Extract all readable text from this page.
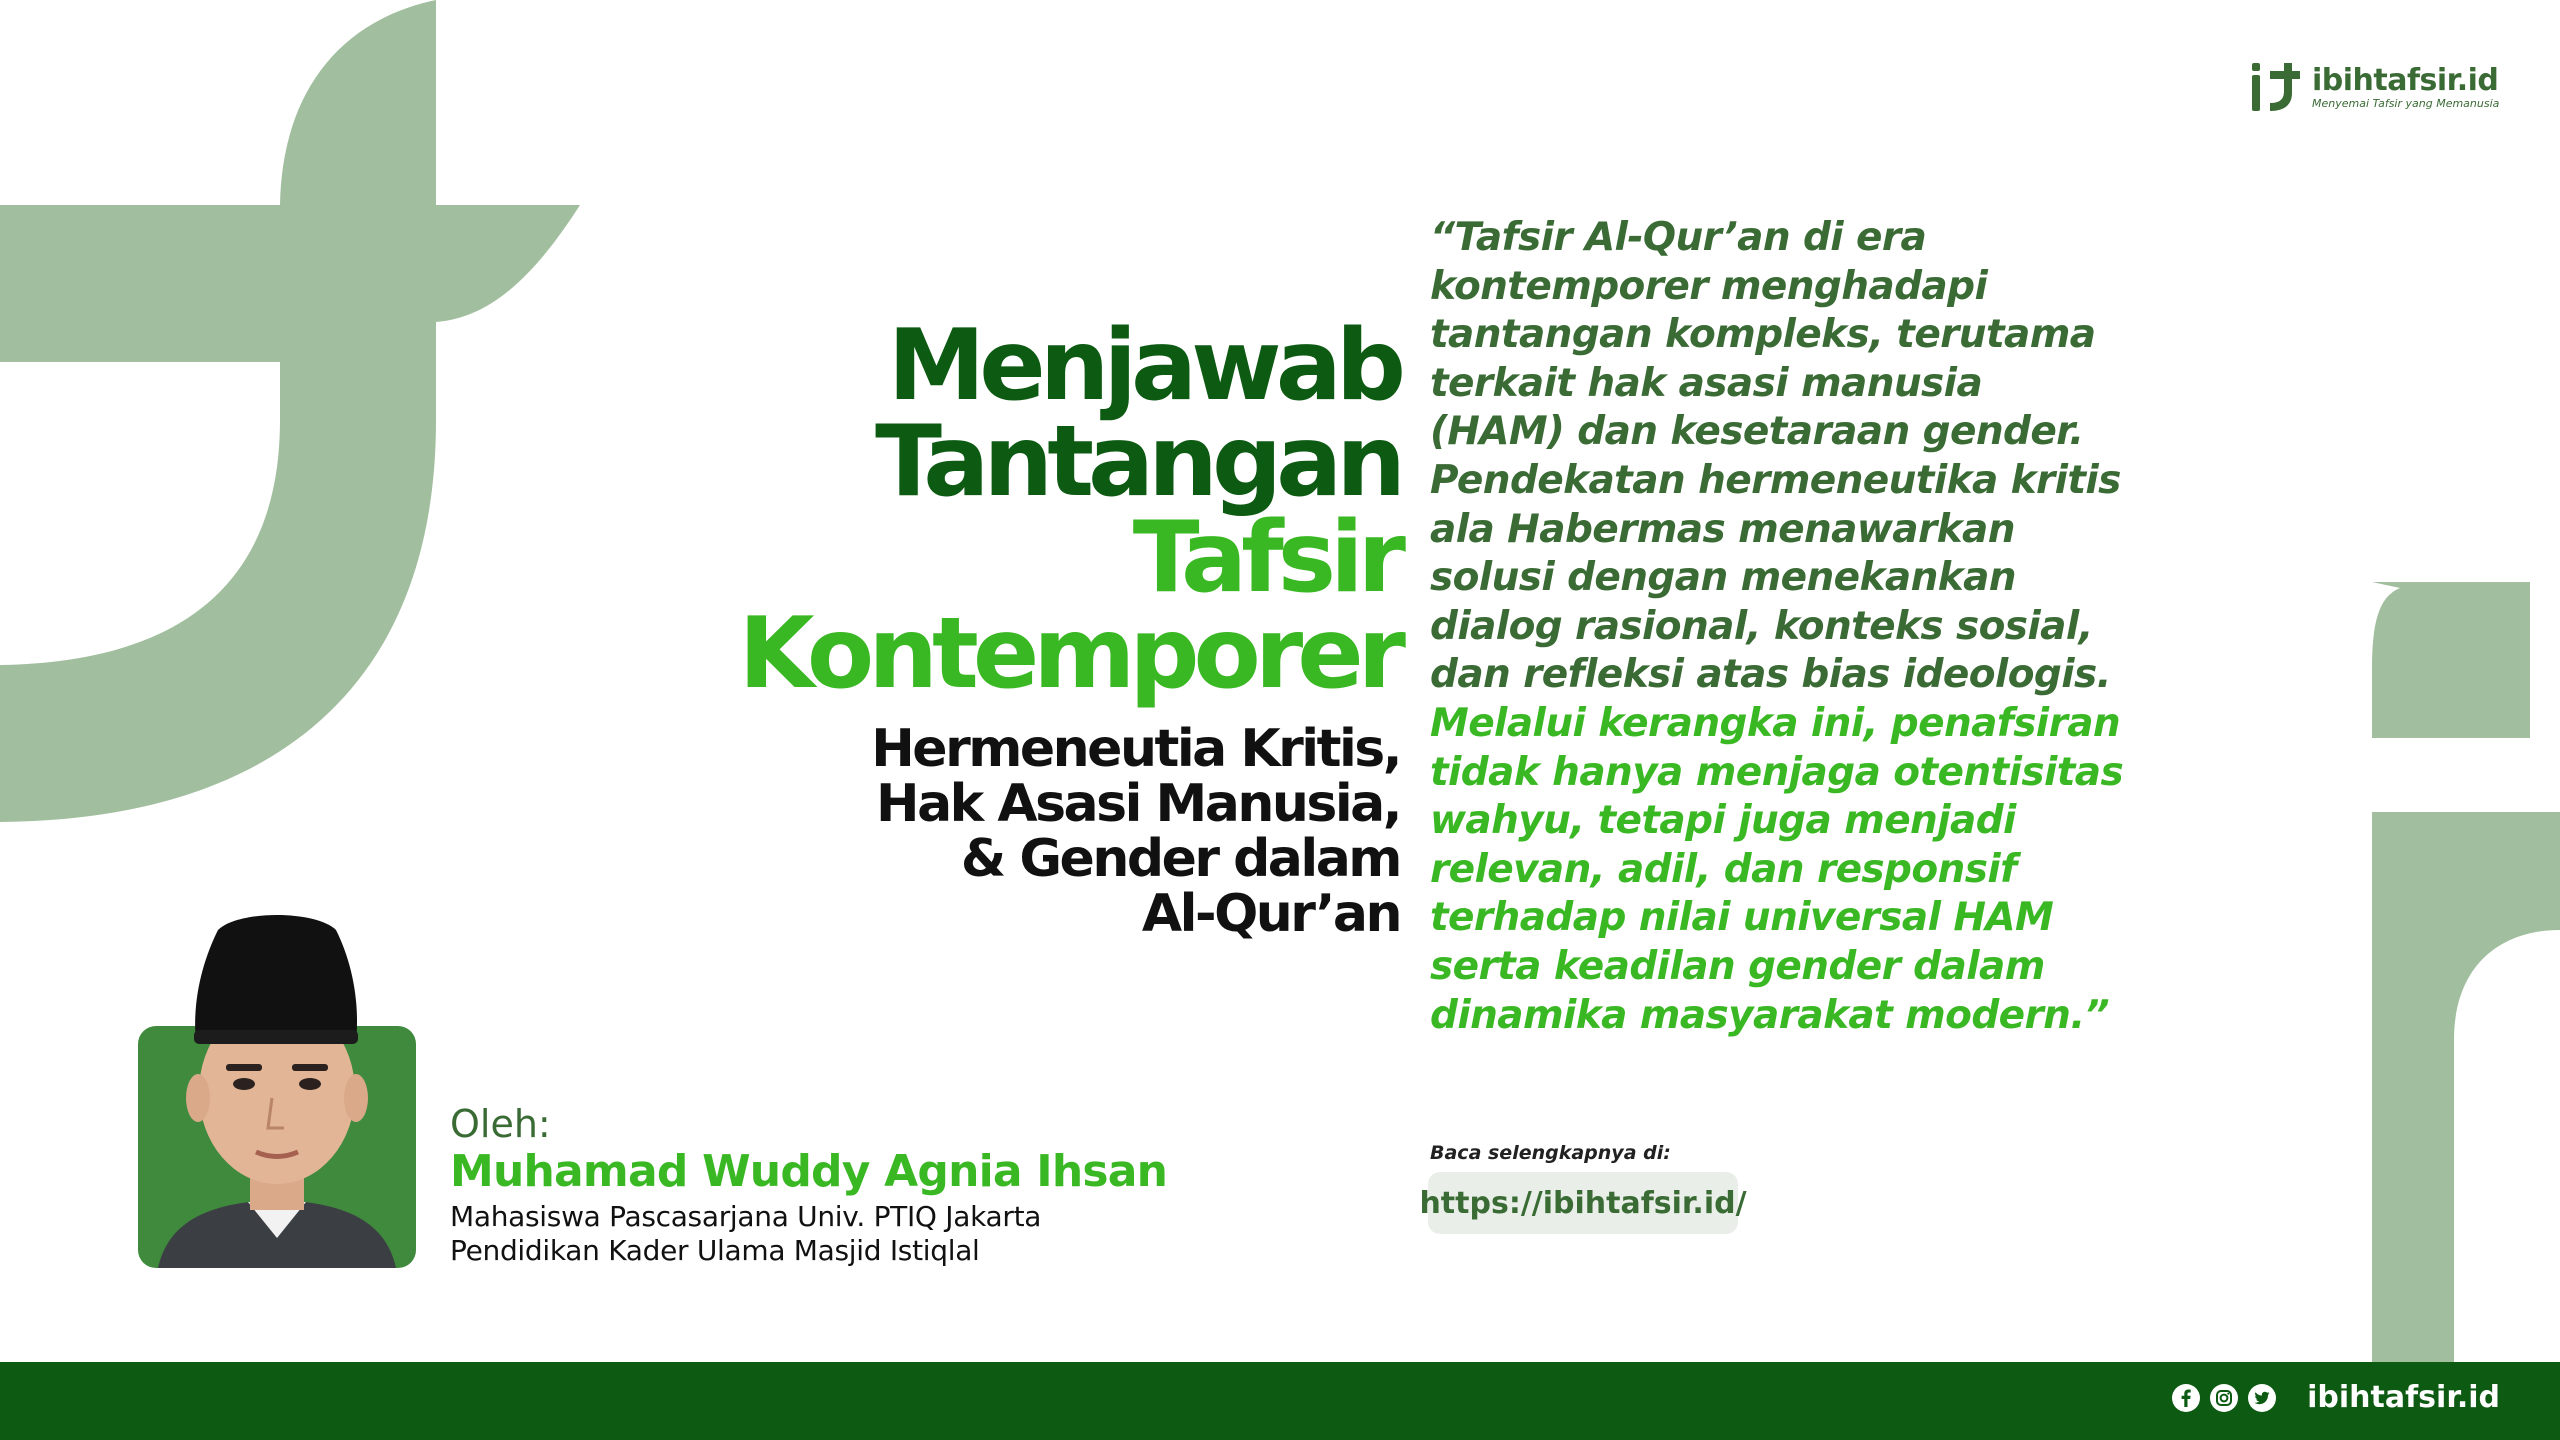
ibihtafsir.id
Menyemai Tafsir yang Memanusia
Menjawab
Tantangan
Tafsir
Kontemporer
Hermeneutia Kritis,
Hak Asasi Manusia,
& Gender dalam
Al-Qur’an
“Tafsir Al-Qur’an di era
kontemporer menghadapi
tantangan kompleks, terutama
terkait hak asasi manusia
(HAM) dan kesetaraan gender.
Pendekatan hermeneutika kritis
ala Habermas menawarkan
solusi dengan menekankan
dialog rasional, konteks sosial,
dan refleksi atas bias ideologis.
Melalui kerangka ini, penafsiran
tidak hanya menjaga otentisitas
wahyu, tetapi juga menjadi
relevan, adil, dan responsif
terhadap nilai universal HAM
serta keadilan gender dalam
dinamika masyarakat modern.”
Baca selengkapnya di:
https://ibihtafsir.id/
Oleh:
Muhamad Wuddy Agnia Ihsan
Mahasiswa Pascasarjana Univ. PTIQ Jakarta
Pendidikan Kader Ulama Masjid Istiqlal
ibihtafsir.id
